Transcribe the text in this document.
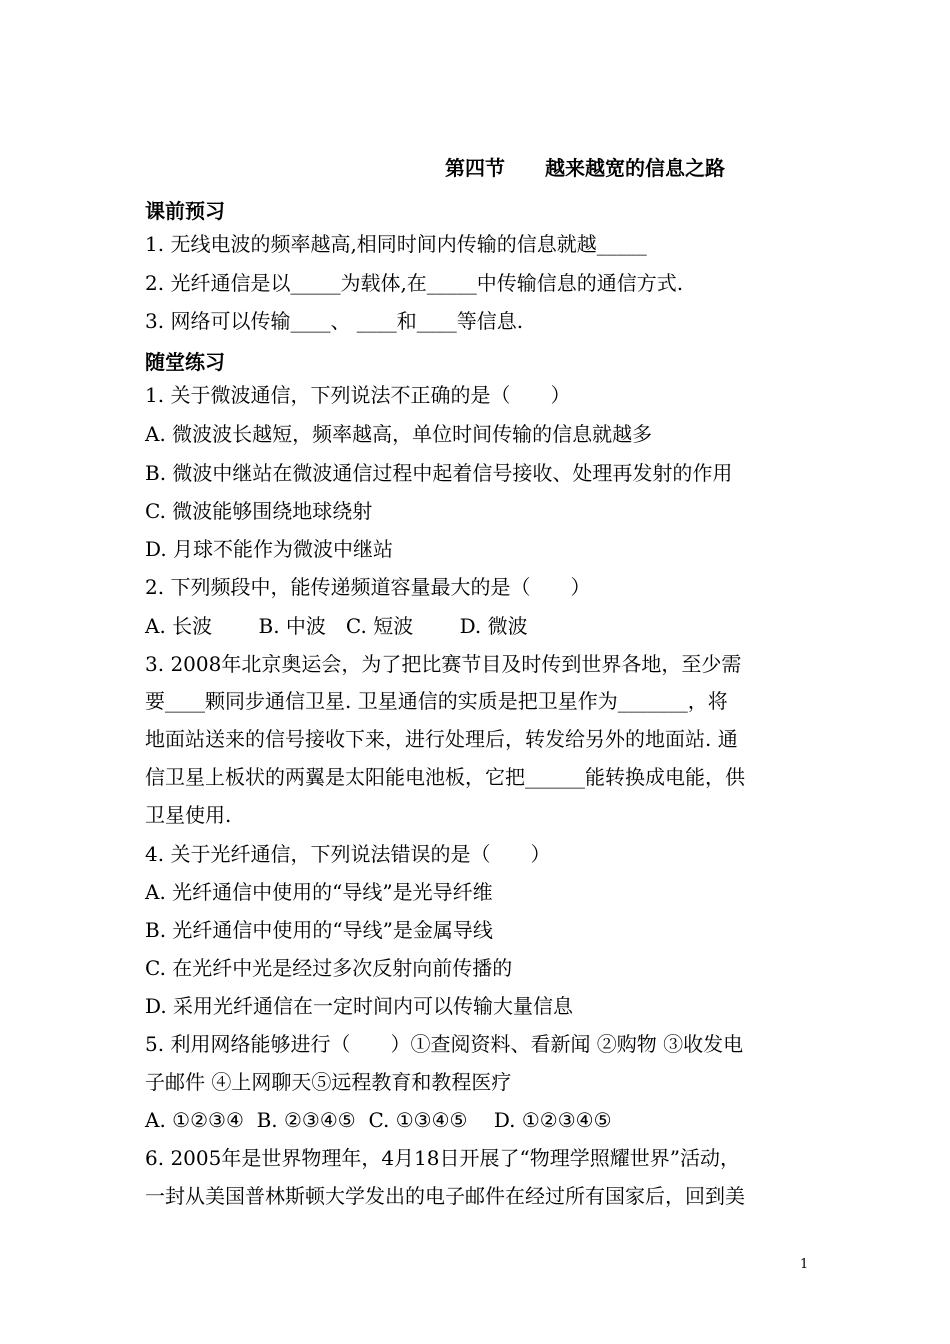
第四节　　越来越宽的信息之路
课前预习
1. 无线电波的频率越高,相同时间内传输的信息就越_____
2. 光纤通信是以_____为载体,在_____中传输信息的通信方式.
3. 网络可以传输____、 ____和____等信息.
随堂练习
1. 关于微波通信，下列说法不正确的是（　　）
A. 微波波长越短，频率越高，单位时间传输的信息就越多
B. 微波中继站在微波通信过程中起着信号接收、处理再发射的作用
C. 微波能够围绕地球绕射
D. 月球不能作为微波中继站
2. 下列频段中，能传递频道容量最大的是（　　）
A. 长波　　 B. 中波　C. 短波　　 D. 微波
3. 2008年北京奥运会，为了把比赛节目及时传到世界各地，至少需
要____颗同步通信卫星. 卫星通信的实质是把卫星作为_______，将
地面站送来的信号接收下来，进行处理后，转发给另外的地面站. 通
信卫星上板状的两翼是太阳能电池板，它把______能转换成电能，供
卫星使用.
4. 关于光纤通信，下列说法错误的是（　　）
A. 光纤通信中使用的“导线”是光导纤维
B. 光纤通信中使用的“导线”是金属导线
C. 在光纤中光是经过多次反射向前传播的
D. 采用光纤通信在一定时间内可以传输大量信息
5. 利用网络能够进行（　　）①查阅资料、看新闻 ②购物 ③收发电
子邮件 ④上网聊天⑤远程教育和教程医疗
A. ①②③④  B. ②③④⑤  C. ①③④⑤　 D. ①②③④⑤
6. 2005年是世界物理年，4月18日开展了“物理学照耀世界”活动，
一封从美国普林斯顿大学发出的电子邮件在经过所有国家后，回到美
1
